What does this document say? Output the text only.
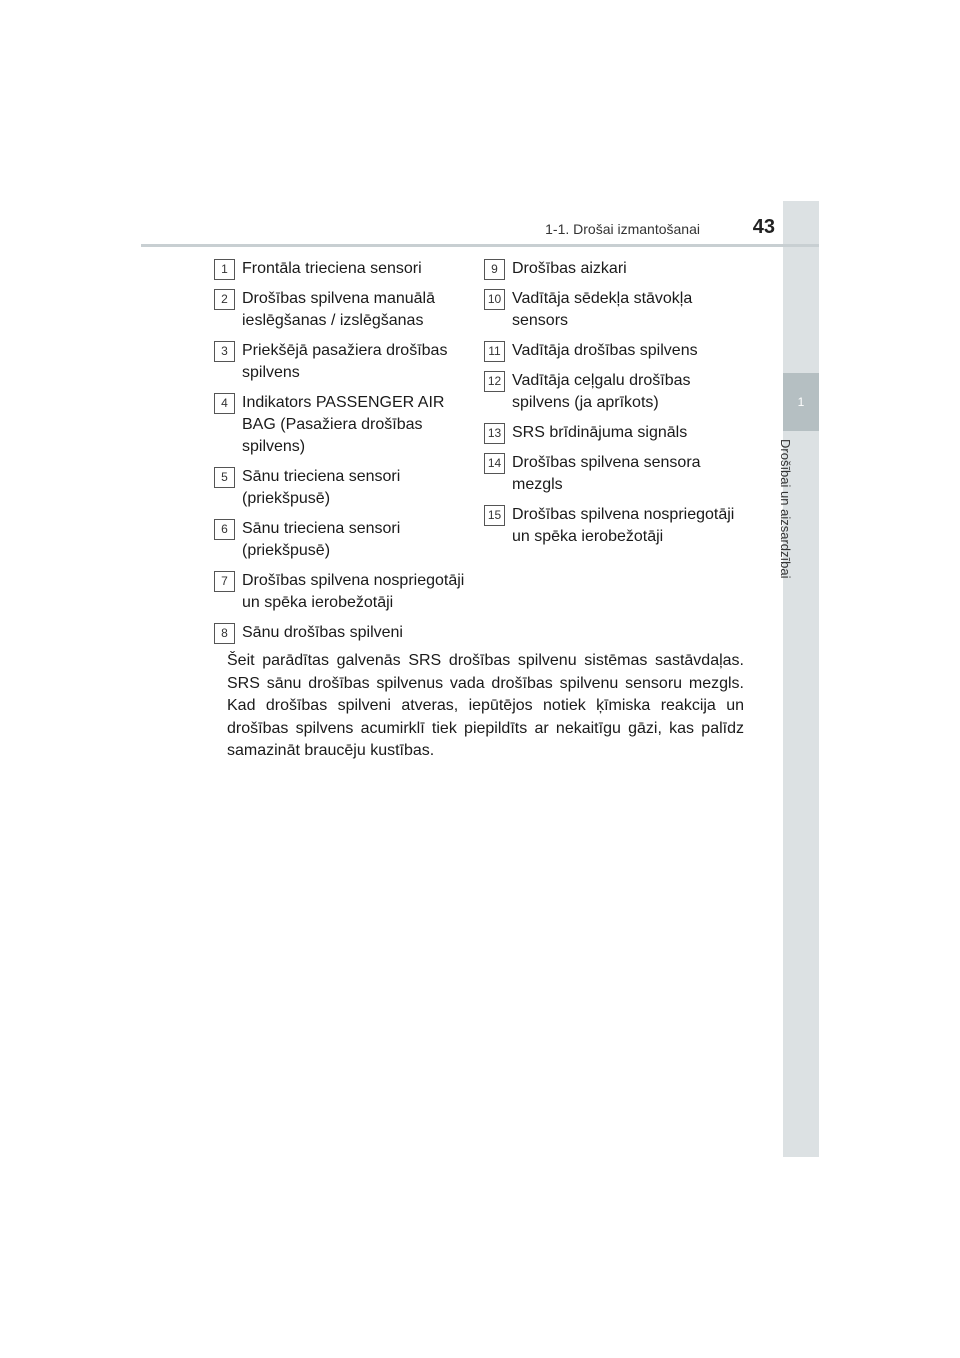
1
Drošībai un aizsardzībai
1-1. Drošai izmantošanai	43
1 Frontāla trieciena sensori
2 Drošības spilvena manuālā ieslēgšanas / izslēgšanas
3 Priekšējā pasažiera drošības spilvens
4 Indikators PASSENGER AIR BAG (Pasažiera drošības spilvens)
5 Sānu trieciena sensori (priekšpusē)
6 Sānu trieciena sensori (priekšpusē)
7 Drošības spilvena nospriegotāji un spēka ierobežotāji
8 Sānu drošības spilveni
9 Drošības aizkari
10 Vadītāja sēdekļa stāvokļa sensors
11 Vadītāja drošības spilvens
12 Vadītāja ceļgalu drošības spilvens (ja aprīkots)
13 SRS brīdinājuma signāls
14 Drošības spilvena sensora mezgls
15 Drošības spilvena nospriegotāji un spēka ierobežotāji
Šeit parādītas galvenās SRS drošības spilvenu sistēmas sastāvdaļas. SRS sānu drošības spilvenus vada drošības spilvenu sensoru mezgls. Kad drošības spilveni atveras, iepūtējos notiek ķīmiska reakcija un drošības spilvens acumirklī tiek piepildīts ar nekaitīgu gāzi, kas palīdz samazināt braucēju kustības.
